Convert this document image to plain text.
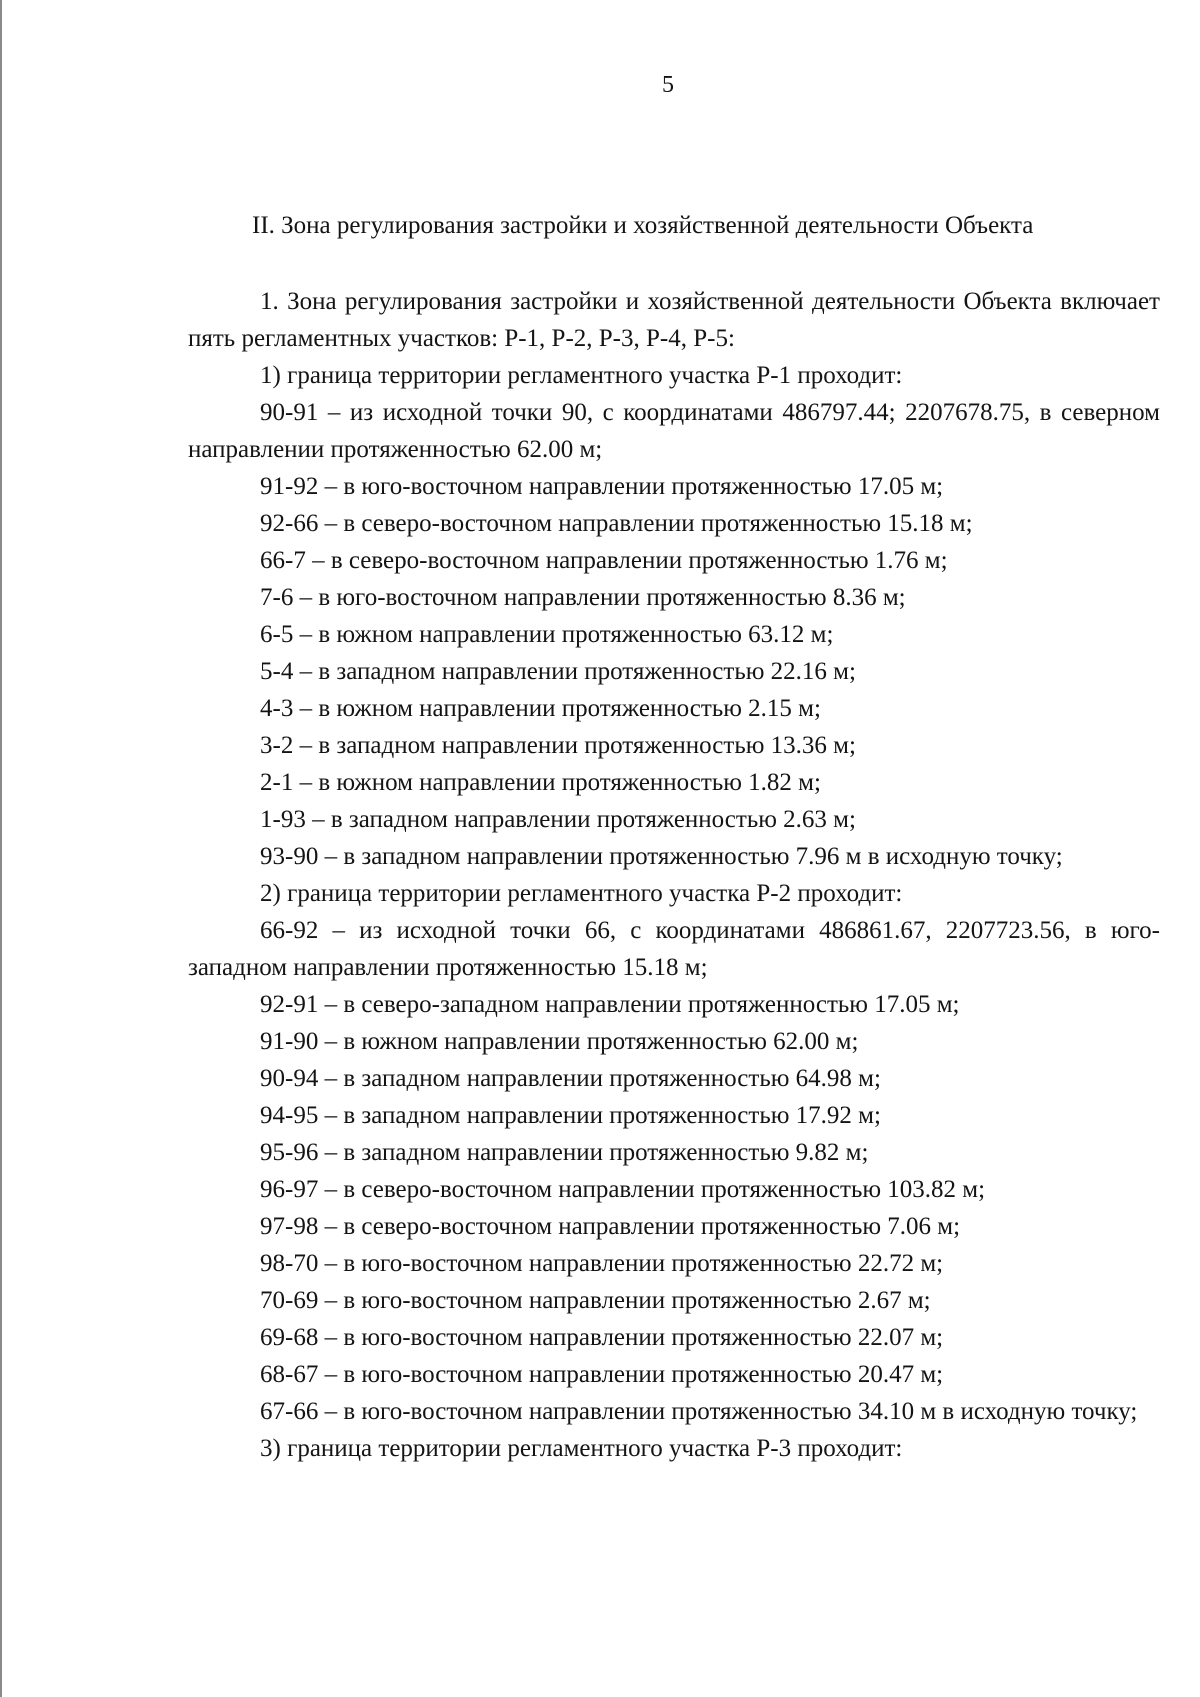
5
II. Зона регулирования застройки и хозяйственной деятельности Объекта

1. Зона регулирования застройки и хозяйственной деятельности Объекта включает пять регламентных участков: Р-1, Р-2, Р-3, Р-4, Р-5:

1) граница территории регламентного участка Р-1 проходит:

90-91 – из исходной точки 90, с координатами 486797.44; 2207678.75, в северном направлении протяженностью 62.00 м;

91-92 – в юго-восточном направлении протяженностью 17.05 м;

92-66 – в северо-восточном направлении протяженностью 15.18 м;

66-7 – в северо-восточном направлении протяженностью 1.76 м;

7-6 – в юго-восточном направлении протяженностью 8.36 м;

6-5 – в южном направлении протяженностью 63.12 м;

5-4 – в западном направлении протяженностью 22.16 м;

4-3 – в южном направлении протяженностью 2.15 м;

3-2 – в западном направлении протяженностью 13.36 м;

2-1 – в южном направлении протяженностью 1.82 м;

1-93 – в западном направлении протяженностью 2.63 м;

93-90 – в западном направлении протяженностью 7.96 м в исходную точку;

2) граница территории регламентного участка Р-2 проходит:

66-92 – из исходной точки 66, с координатами 486861.67, 2207723.56, в юго-западном направлении протяженностью 15.18 м;

92-91 – в северо-западном направлении протяженностью 17.05 м;

91-90 – в южном направлении протяженностью 62.00 м;

90-94 – в западном направлении протяженностью 64.98 м;

94-95 – в западном направлении протяженностью 17.92 м;

95-96 – в западном направлении протяженностью 9.82 м;

96-97 – в северо-восточном направлении протяженностью 103.82 м;

97-98 – в северо-восточном направлении протяженностью 7.06 м;

98-70 – в юго-восточном направлении протяженностью 22.72 м;

70-69 – в юго-восточном направлении протяженностью 2.67 м;

69-68 – в юго-восточном направлении протяженностью 22.07 м;

68-67 – в юго-восточном направлении протяженностью 20.47 м;

67-66 – в юго-восточном направлении протяженностью 34.10 м в исходную точку;

3) граница территории регламентного участка Р-3 проходит:
